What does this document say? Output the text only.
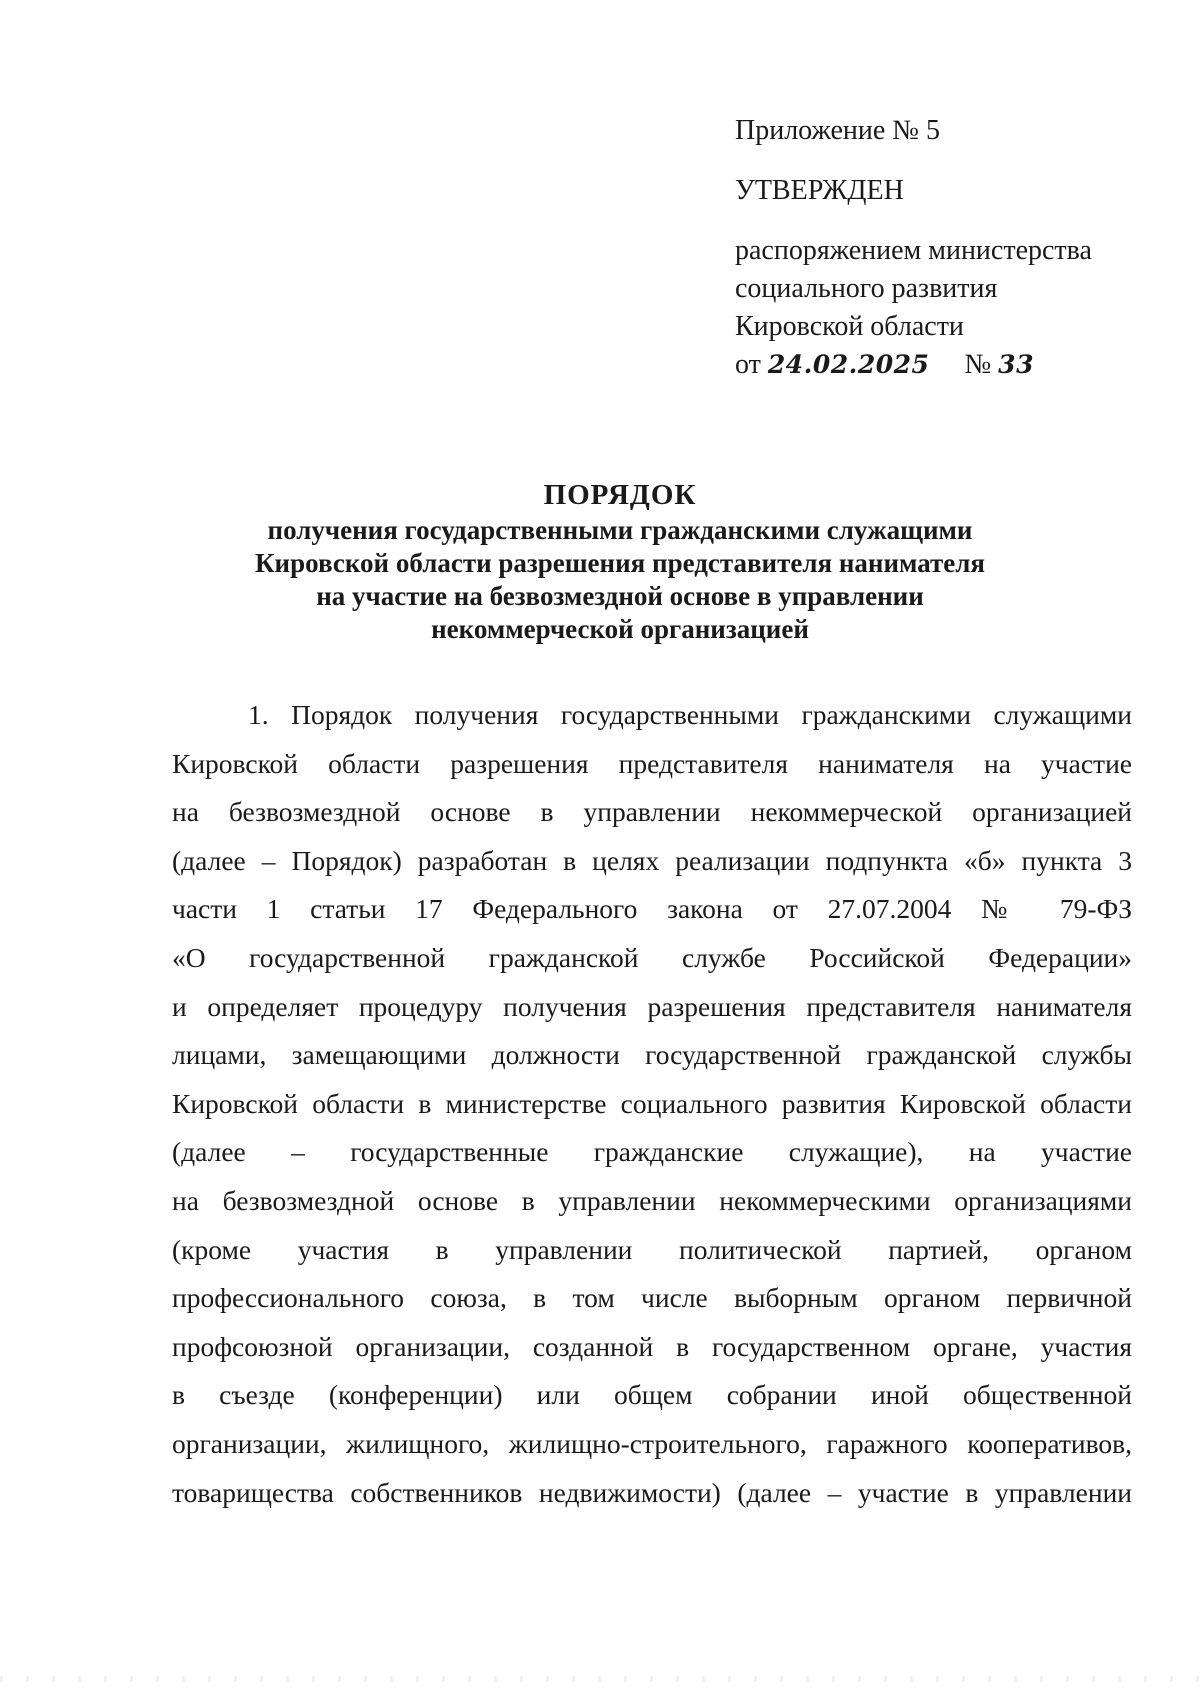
Приложение № 5
УТВЕРЖДЕН
распоряжением министерства
социального развития
Кировской области
от 24.02.2025 № 33
ПОРЯДОК
получения государственными гражданскими служащими
Кировской области разрешения представителя нанимателя
на участие на безвозмездной основе в управлении
некоммерческой организацией
1. Порядок получения государственными гражданскими служащими
Кировской области разрешения представителя нанимателя на участие
на безвозмездной основе в управлении некоммерческой организацией
(далее – Порядок) разработан в целях реализации подпункта «б» пункта 3
части 1 статьи 17 Федерального закона от 27.07.2004 № 79-ФЗ
«О государственной гражданской службе Российской Федерации»
и определяет процедуру получения разрешения представителя нанимателя
лицами, замещающими должности государственной гражданской службы
Кировской области в министерстве социального развития Кировской области
(далее – государственные гражданские служащие), на участие
на безвозмездной основе в управлении некоммерческими организациями
(кроме участия в управлении политической партией, органом
профессионального союза, в том числе выборным органом первичной
профсоюзной организации, созданной в государственном органе, участия
в съезде (конференции) или общем собрании иной общественной
организации, жилищного, жилищно-строительного, гаражного кооперативов,
товарищества собственников недвижимости) (далее – участие в управлении
